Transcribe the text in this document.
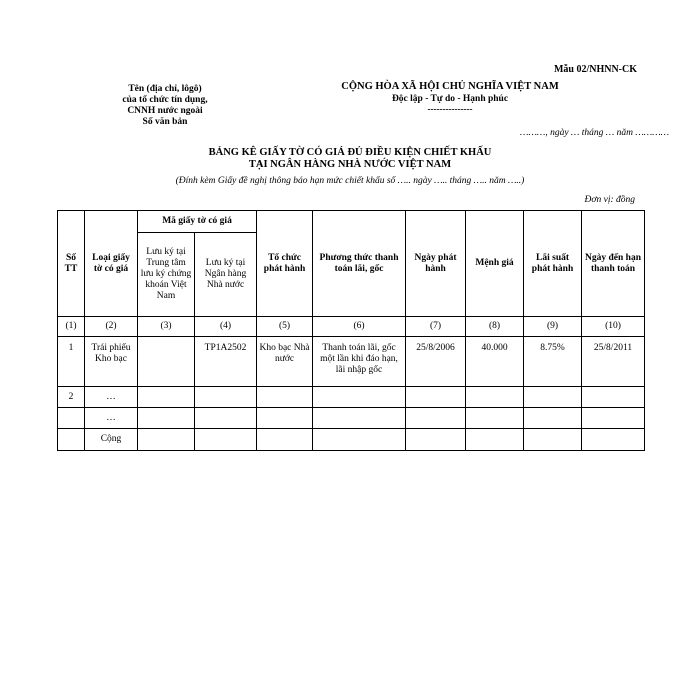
Mẫu 02/NHNN-CK
Tên (địa chỉ, lôgô)
của tổ chức tín dụng,
CNNH nước ngoài
Số văn bản
CỘNG HÒA XÃ HỘI CHỦ NGHĨA VIỆT NAM
Độc lập - Tự do - Hạnh phúc
---------------
………, ngày … tháng … năm …………
BẢNG KÊ GIẤY TỜ CÓ GIÁ ĐỦ ĐIỀU KIỆN CHIẾT KHẤU
TẠI NGÂN HÀNG NHÀ NƯỚC VIỆT NAM
(Đính kèm Giấy đề nghị thông báo hạn mức chiết khấu số ….. ngày ….. tháng ….. năm …..)
Đơn vị: đồng
Số TT	Loại giấy tờ có giá	Mã giấy tờ có giá		Tổ chức phát hành	Phương thức thanh toán lãi, gốc	Ngày phát hành	Mệnh giá	Lãi suất phát hành	Ngày đến hạn thanh toán
		Lưu ký tại Trung tâm lưu ký chứng khoán Việt Nam	Lưu ký tại Ngân hàng Nhà nước						
(1)	(2)	(3)	(4)	(5)	(6)	(7)	(8)	(9)	(10)
1	Trái phiếu Kho bạc		TP1A2502	Kho bạc Nhà nước	Thanh toán lãi, gốc một lần khi đáo hạn, lãi nhập gốc	25/8/2006	40.000	8.75%	25/8/2011
2	…								
	…								
	Cộng								
